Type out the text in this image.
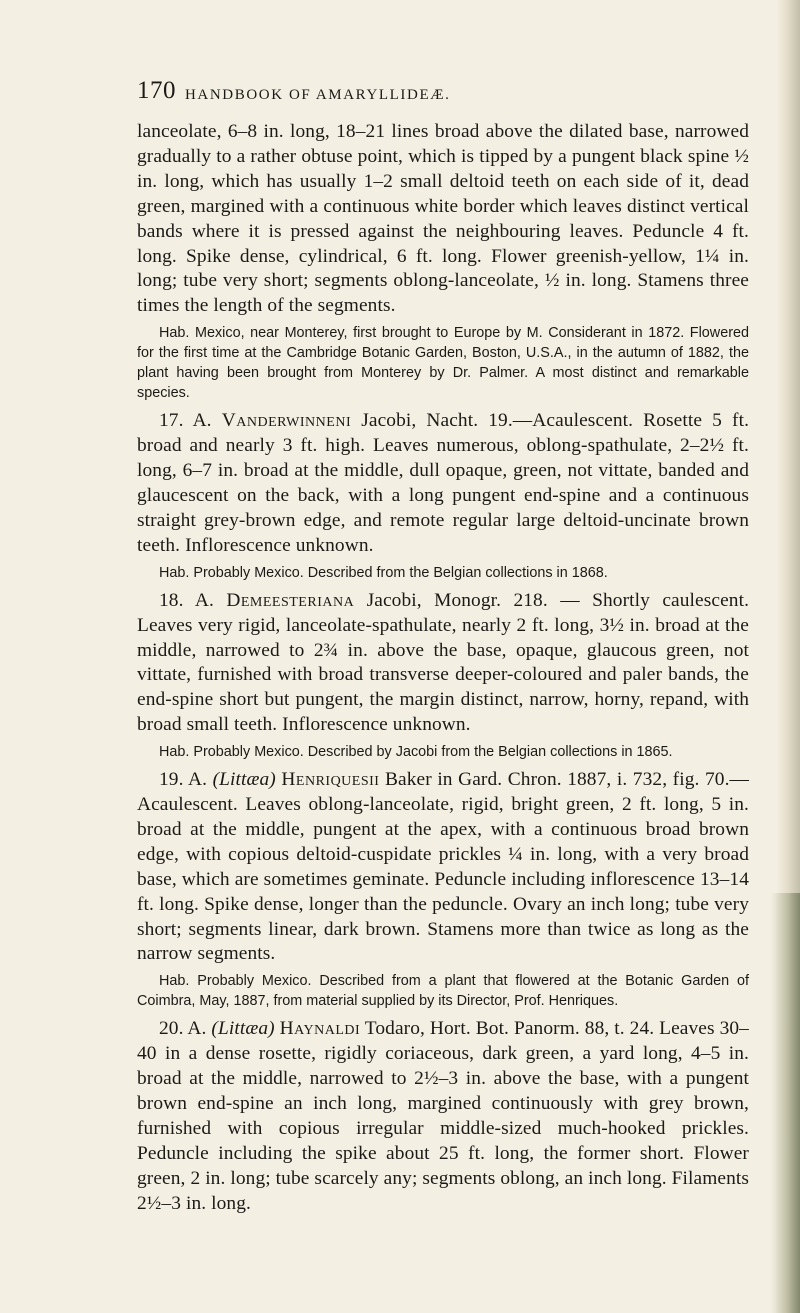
170 HANDBOOK OF AMARYLLIDEÆ.

lanceolate, 6–8 in. long, 18–21 lines broad above the dilated base, narrowed gradually to a rather obtuse point, which is tipped by a pungent black spine ½ in. long, which has usually 1–2 small deltoid teeth on each side of it, dead green, margined with a continuous white border which leaves distinct vertical bands where it is pressed against the neighbouring leaves. Peduncle 4 ft. long. Spike dense, cylindrical, 6 ft. long. Flower greenish-yellow, 1¼ in. long; tube very short; segments oblong-lanceolate, ½ in. long. Stamens three times the length of the segments.

Hab. Mexico, near Monterey, first brought to Europe by M. Considerant in 1872. Flowered for the first time at the Cambridge Botanic Garden, Boston, U.S.A., in the autumn of 1882, the plant having been brought from Monterey by Dr. Palmer. A most distinct and remarkable species.

17. A. Vanderwinneni Jacobi, Nacht. 19.—Acaulescent. Rosette 5 ft. broad and nearly 3 ft. high. Leaves numerous, oblong-spathulate, 2–2½ ft. long, 6–7 in. broad at the middle, dull opaque, green, not vittate, banded and glaucescent on the back, with a long pungent end-spine and a continuous straight grey-brown edge, and remote regular large deltoid-uncinate brown teeth. Inflorescence unknown.

Hab. Probably Mexico. Described from the Belgian collections in 1868.

18. A. Demeesteriana Jacobi, Monogr. 218. — Shortly caulescent. Leaves very rigid, lanceolate-spathulate, nearly 2 ft. long, 3½ in. broad at the middle, narrowed to 2¾ in. above the base, opaque, glaucous green, not vittate, furnished with broad transverse deeper-coloured and paler bands, the end-spine short but pungent, the margin distinct, narrow, horny, repand, with broad small teeth. Inflorescence unknown.

Hab. Probably Mexico. Described by Jacobi from the Belgian collections in 1865.

19. A. (Littæa) Henriquesii Baker in Gard. Chron. 1887, i. 732, fig. 70.—Acaulescent. Leaves oblong-lanceolate, rigid, bright green, 2 ft. long, 5 in. broad at the middle, pungent at the apex, with a continuous broad brown edge, with copious deltoid-cuspidate prickles ¼ in. long, with a very broad base, which are sometimes geminate. Peduncle including inflorescence 13–14 ft. long. Spike dense, longer than the peduncle. Ovary an inch long; tube very short; segments linear, dark brown. Stamens more than twice as long as the narrow segments.

Hab. Probably Mexico. Described from a plant that flowered at the Botanic Garden of Coimbra, May, 1887, from material supplied by its Director, Prof. Henriques.

20. A. (Littæa) Haynaldi Todaro, Hort. Bot. Panorm. 88, t. 24. Leaves 30–40 in a dense rosette, rigidly coriaceous, dark green, a yard long, 4–5 in. broad at the middle, narrowed to 2½–3 in. above the base, with a pungent brown end-spine an inch long, margined continuously with grey brown, furnished with copious irregular middle-sized much-hooked prickles. Peduncle including the spike about 25 ft. long, the former short. Flower green, 2 in. long; tube scarcely any; segments oblong, an inch long. Filaments 2½–3 in. long.
